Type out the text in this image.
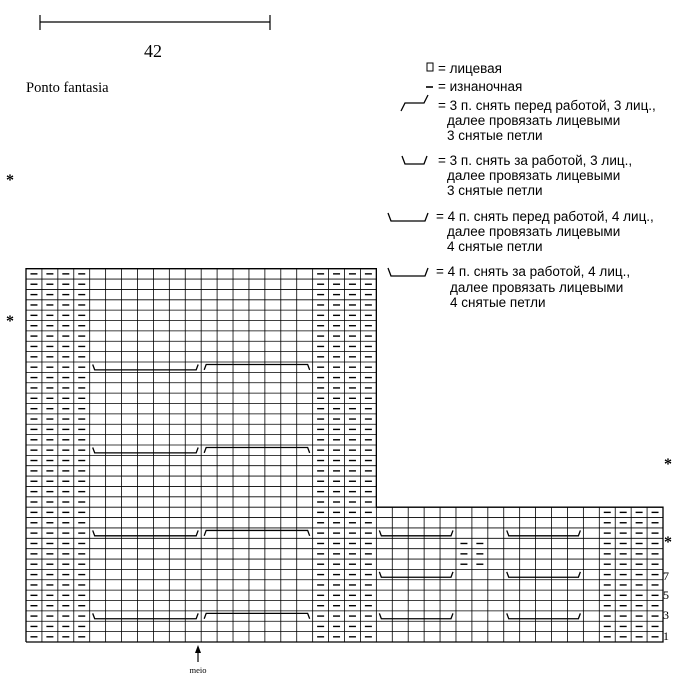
42
Ponto fantasia
*
*
*
*
1
3
5
7
meio
= лицевая
= изнаночная
= 3 п. снять перед работой, 3 лиц.,
далее провязать лицевыми
3 снятые петли
= 3 п. снять за работой, 3 лиц.,
далее провязать лицевыми
3 снятые петли
= 4 п. снять перед работой, 4 лиц.,
далее провязать лицевыми
4 снятые петли
= 4 п. снять за работой, 4 лиц.,
далее провязать лицевыми
4 снятые петли
